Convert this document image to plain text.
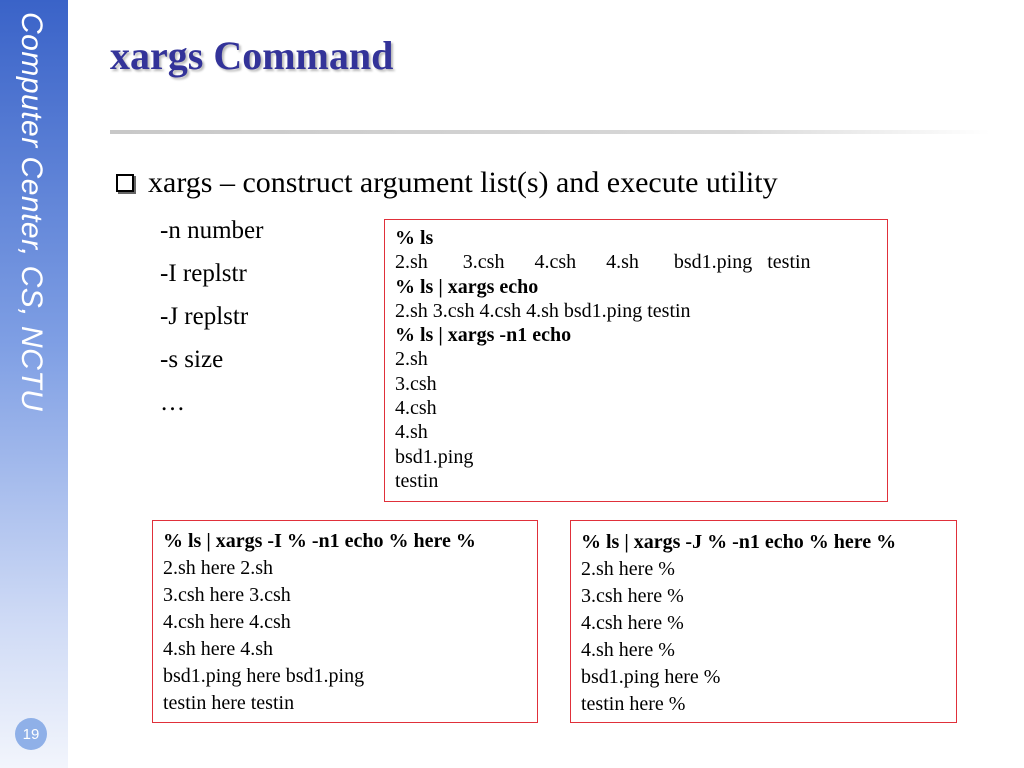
Computer Center, CS, NCTU
19
xargs Command
xargs – construct argument list(s) and execute utility
-n number
-I replstr
-J replstr
-s size
…
% ls
2.sh       3.csh      4.csh      4.sh       bsd1.ping   testin
% ls | xargs echo
2.sh 3.csh 4.csh 4.sh bsd1.ping testin
% ls | xargs -n1 echo
2.sh
3.csh
4.csh
4.sh
bsd1.ping
testin
% ls | xargs -I % -n1 echo % here %
2.sh here 2.sh
3.csh here 3.csh
4.csh here 4.csh
4.sh here 4.sh
bsd1.ping here bsd1.ping
testin here testin
% ls | xargs -J % -n1 echo % here %
2.sh here %
3.csh here %
4.csh here %
4.sh here %
bsd1.ping here %
testin here %
